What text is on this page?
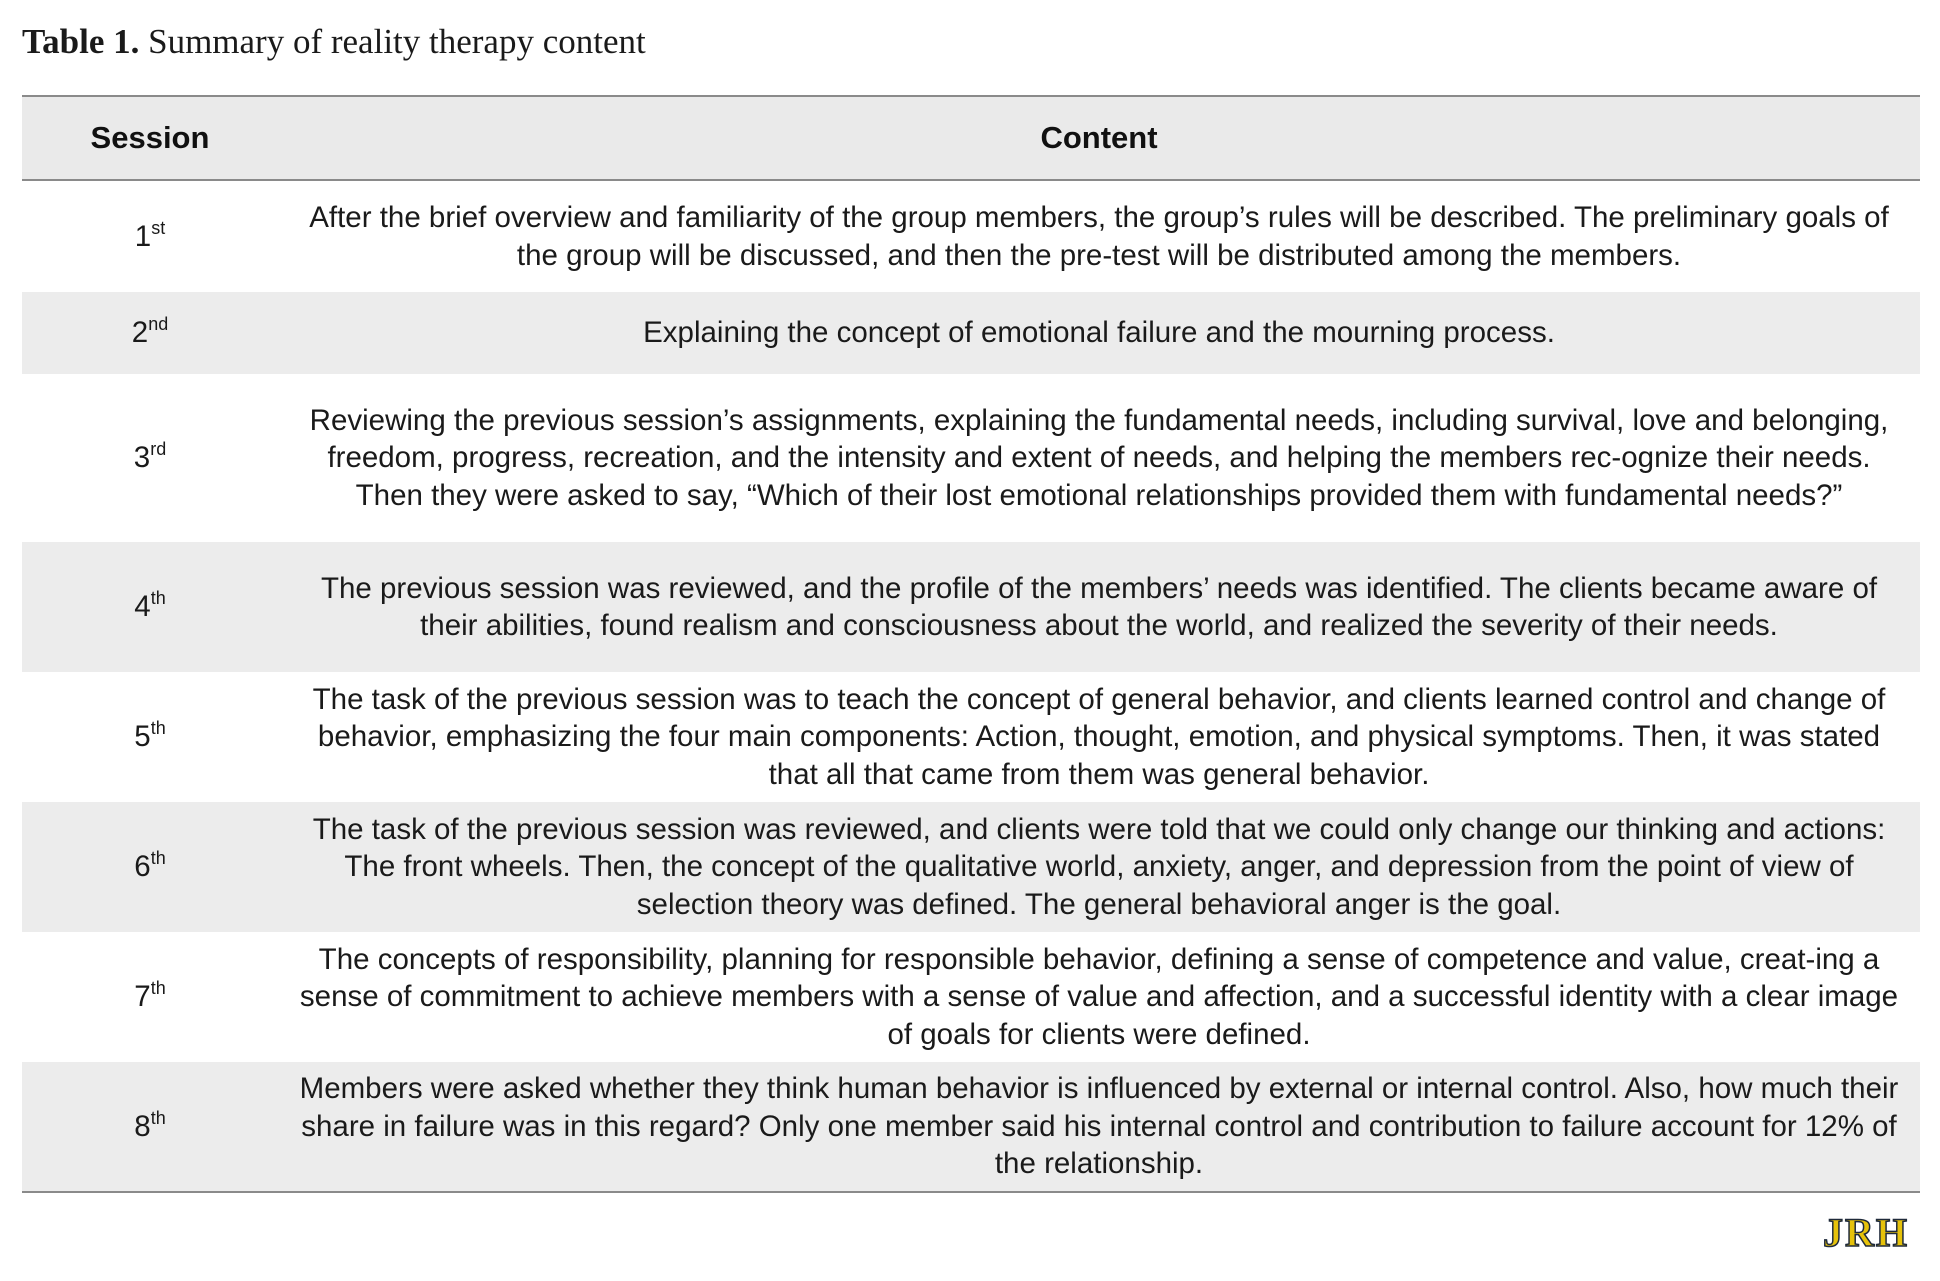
Table 1. Summary of reality therapy content
Session	Content
1st	After the brief overview and familiarity of the group members, the group’s rules will be described. The preliminary goals of the group will be discussed, and then the pre-test will be distributed among the members.
2nd	Explaining the concept of emotional failure and the mourning process.
3rd	Reviewing the previous session’s assignments, explaining the fundamental needs, including survival, love and belonging, freedom, progress, recreation, and the intensity and extent of needs, and helping the members rec-ognize their needs. Then they were asked to say, “Which of their lost emotional relationships provided them with fundamental needs?”
4th	The previous session was reviewed, and the profile of the members’ needs was identified. The clients became aware of their abilities, found realism and consciousness about the world, and realized the severity of their needs.
5th	The task of the previous session was to teach the concept of general behavior, and clients learned control and change of behavior, emphasizing the four main components: Action, thought, emotion, and physical symptoms. Then, it was stated that all that came from them was general behavior.
6th	The task of the previous session was reviewed, and clients were told that we could only change our thinking and actions: The front wheels. Then, the concept of the qualitative world, anxiety, anger, and depression from the point of view of selection theory was defined. The general behavioral anger is the goal.
7th	The concepts of responsibility, planning for responsible behavior, defining a sense of competence and value, creat-ing a sense of commitment to achieve members with a sense of value and affection, and a successful identity with a clear image of goals for clients were defined.
8th	Members were asked whether they think human behavior is influenced by external or internal control. Also, how much their share in failure was in this regard? Only one member said his internal control and contribution to failure account for 12% of the relationship.
JRH
